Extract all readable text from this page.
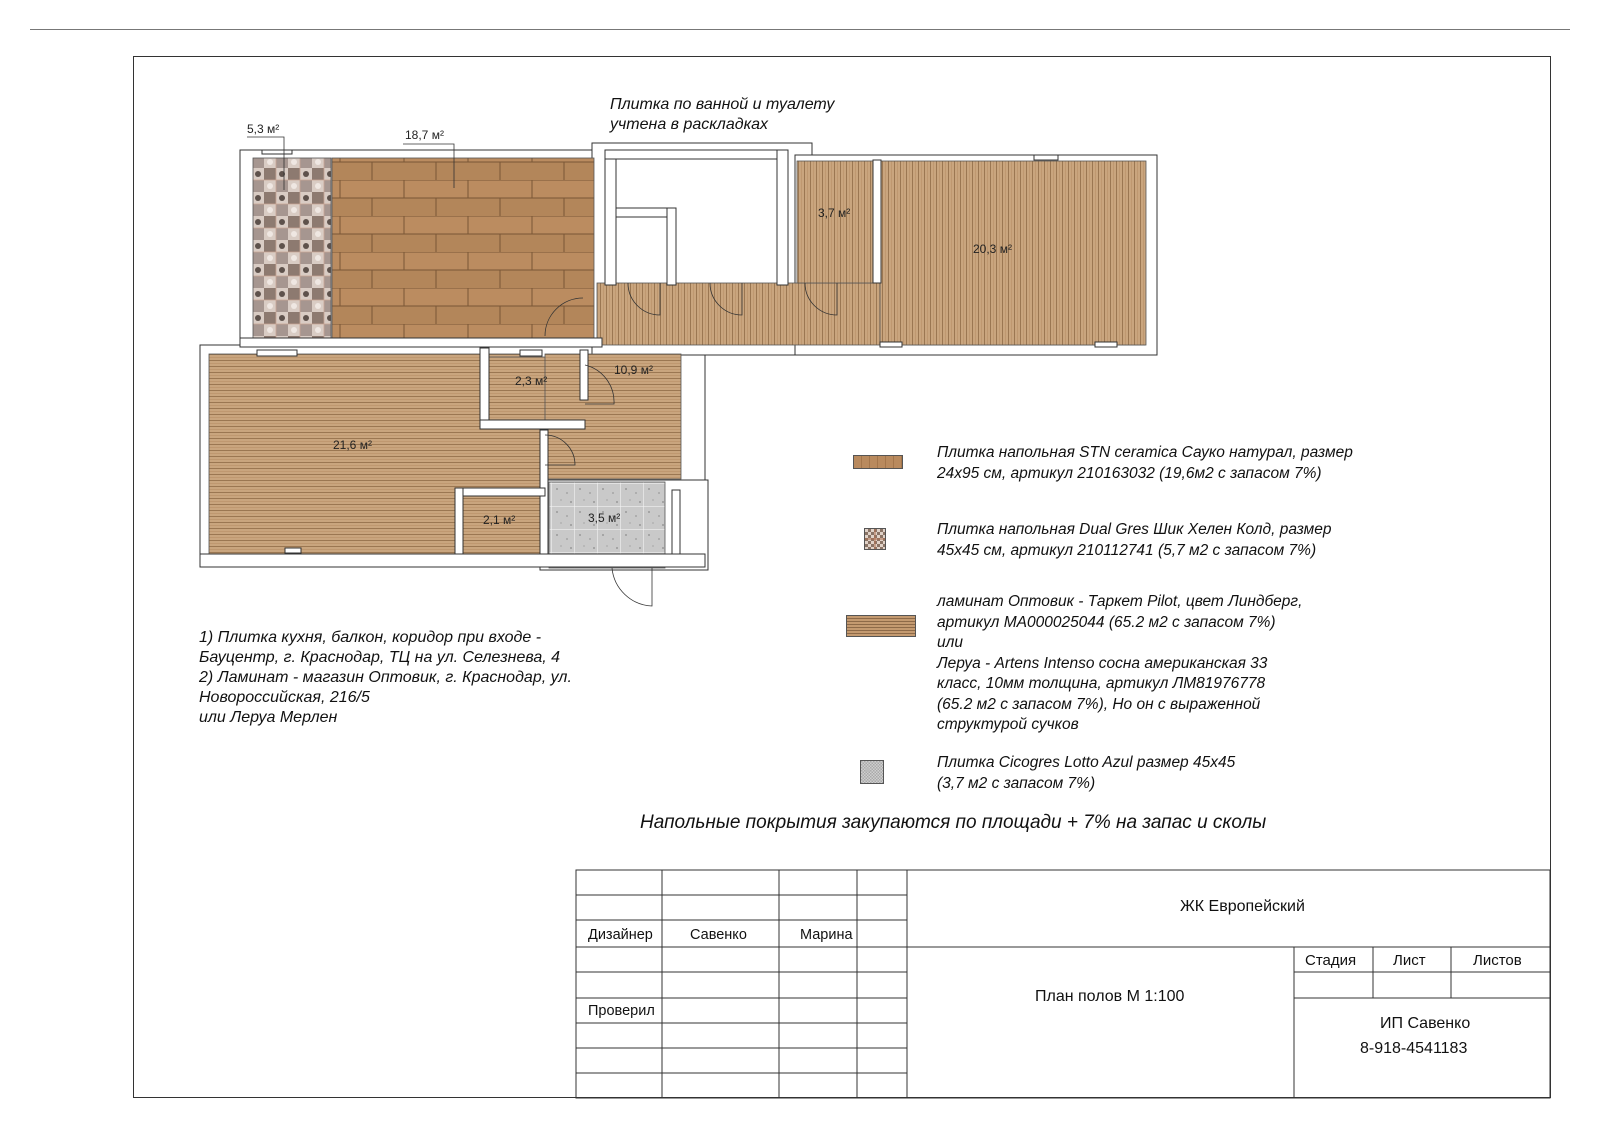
5,3 м²	18,7 м²
3,7 м²
20,3 м²
10,9 м²
2,3 м²
21,6 м²
2,1 м²	3,5 м²
Плитка по ванной и туалету
учтена в раскладках
1) Плитка кухня, балкон, коридор при входе -
Бауцентр, г. Краснодар, ТЦ на ул. Селезнева, 4
2) Ламинат - магазин Оптовик, г. Краснодар, ул.
Новороссийская, 216/5
или Леруа Мерлен
Плитка напольная STN ceramica Сауко натурал, размер
24х95 см, артикул 210163032 (19,6м2 с запасом 7%)
Плитка напольная Dual Gres Шик Хелен Колд, размер
45х45 см, артикул 210112741 (5,7 м2 с запасом 7%)
ламинат Оптовик - Таркет Pilot, цвет Линдберг,
артикул МА000025044 (65.2 м2 с запасом 7%)
или
Леруа - Artens Intenso сосна американская 33
класс, 10мм толщина, артикул ЛМ81976778
(65.2 м2 с запасом 7%), Но он с выраженной
структурой сучков
Плитка Cicogres Lotto Azul размер 45х45
(3,7 м2 с запасом 7%)
Напольные покрытия закупаются по площади + 7% на запас и сколы
Дизайнер	Савенко	Марина
Проверил
ЖК Европейский
План полов М 1:100
Стадия Лист	Листов
ИП Савенко
8-918-4541183
